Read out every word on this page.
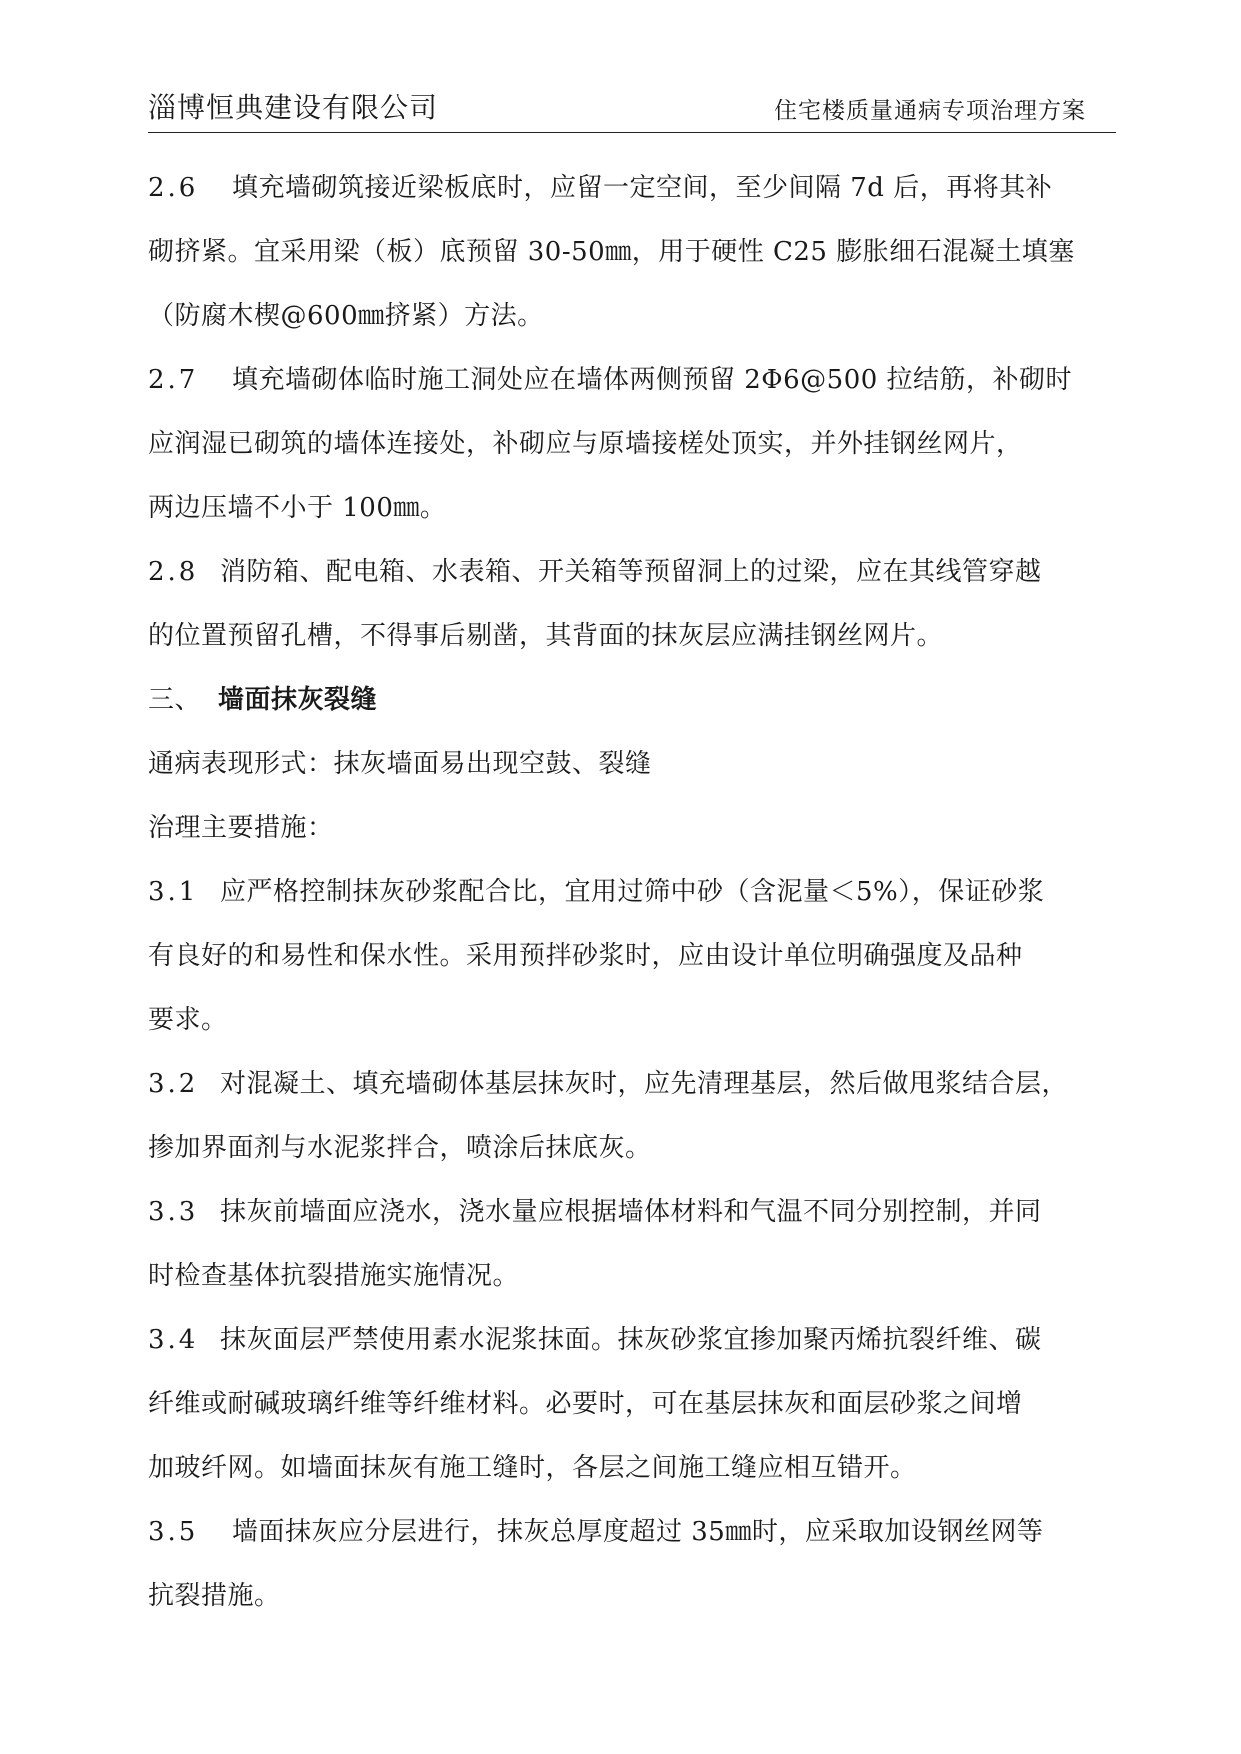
淄博恒典建设有限公司	住宅楼质量通病专项治理方案
2.6 填充墙砌筑接近梁板底时，应留一定空间，至少间隔 7d 后，再将其补
砌挤紧。宜采用梁（板）底预留 30-50㎜，用于硬性 C25 膨胀细石混凝土填塞
（防腐木楔@600㎜挤紧）方法。
2.7 填充墙砌体临时施工洞处应在墙体两侧预留 2Φ6@500 拉结筋，补砌时
应润湿已砌筑的墙体连接处，补砌应与原墙接槎处顶实，并外挂钢丝网片，
两边压墙不小于 100㎜。
2.8 消防箱、配电箱、水表箱、开关箱等预留洞上的过梁，应在其线管穿越
的位置预留孔槽，不得事后剔凿，其背面的抹灰层应满挂钢丝网片。
三、 墙面抹灰裂缝
通病表现形式：抹灰墙面易出现空鼓、裂缝
治理主要措施：
3.1 应严格控制抹灰砂浆配合比，宜用过筛中砂（含泥量＜5%），保证砂浆
有良好的和易性和保水性。采用预拌砂浆时，应由设计单位明确强度及品种
要求。
3.2 对混凝土、填充墙砌体基层抹灰时，应先清理基层，然后做甩浆结合层，
掺加界面剂与水泥浆拌合，喷涂后抹底灰。
3.3 抹灰前墙面应浇水，浇水量应根据墙体材料和气温不同分别控制，并同
时检查基体抗裂措施实施情况。
3.4 抹灰面层严禁使用素水泥浆抹面。抹灰砂浆宜掺加聚丙烯抗裂纤维、碳
纤维或耐碱玻璃纤维等纤维材料。必要时，可在基层抹灰和面层砂浆之间增
加玻纤网。如墙面抹灰有施工缝时，各层之间施工缝应相互错开。
3.5 墙面抹灰应分层进行，抹灰总厚度超过 35㎜时，应采取加设钢丝网等
抗裂措施。
